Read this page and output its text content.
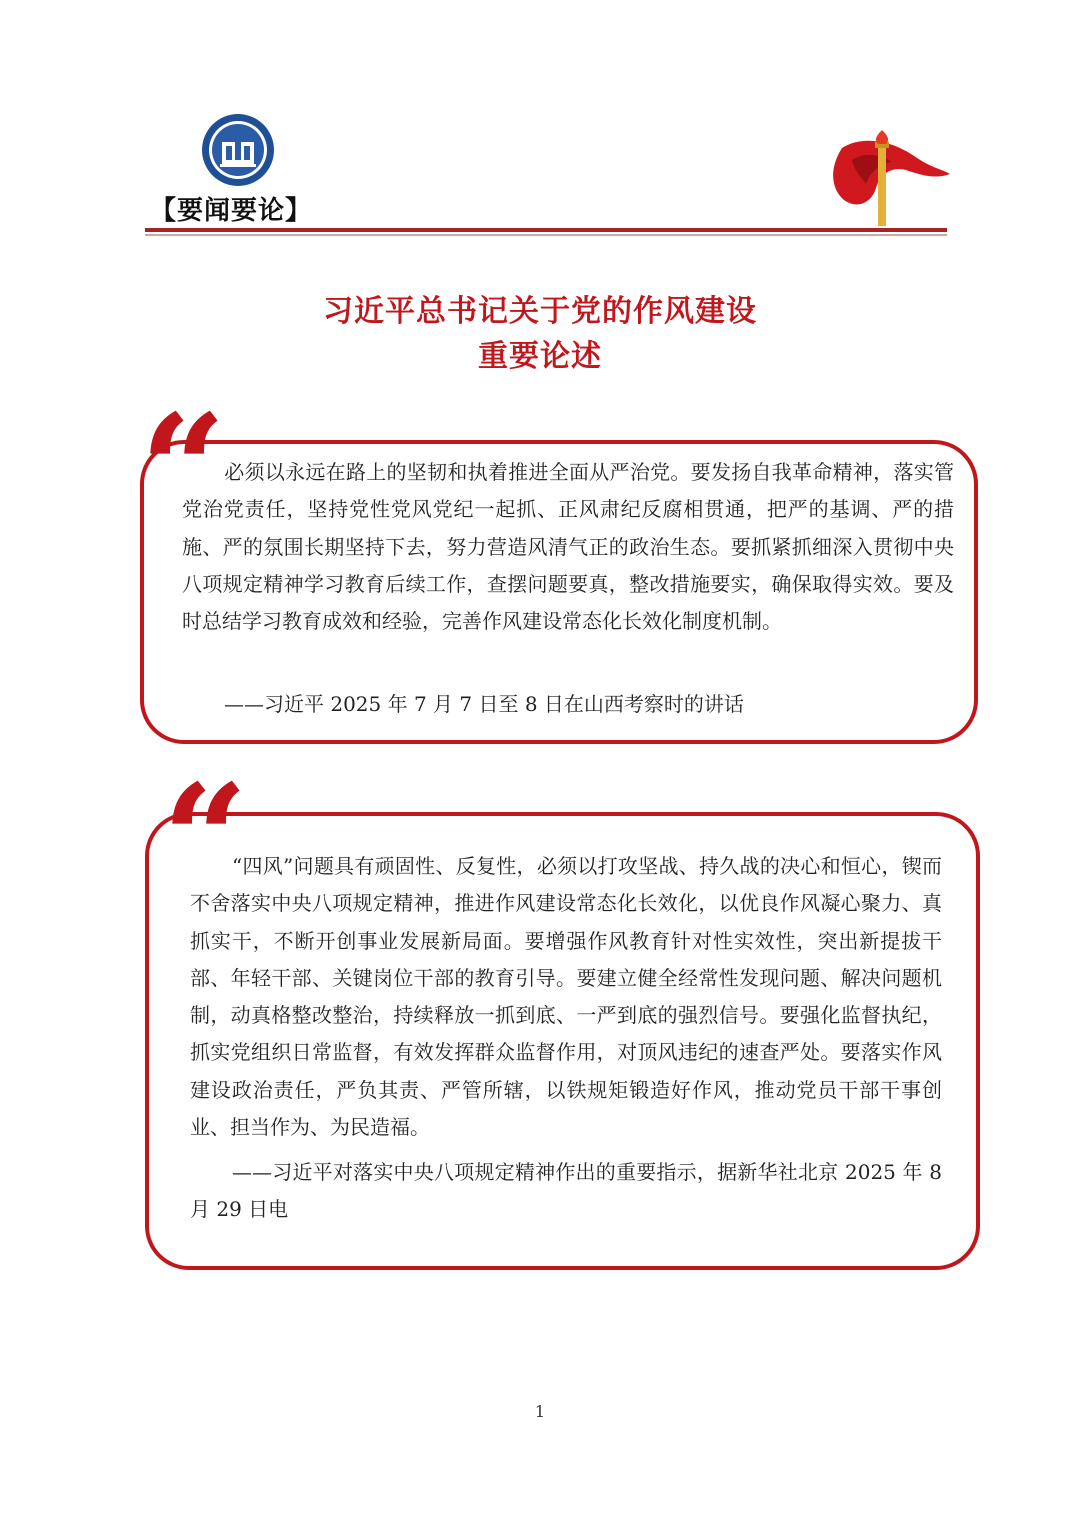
【要闻要论】
习近平总书记关于党的作风建设
重要论述
“
必须以永远在路上的坚韧和执着推进全面从严治党。要发扬自我革命精神，落实管党治党责任，坚持党性党风党纪一起抓、正风肃纪反腐相贯通，把严的基调、严的措施、严的氛围长期坚持下去，努力营造风清气正的政治生态。要抓紧抓细深入贯彻中央八项规定精神学习教育后续工作，查摆问题要真，整改措施要实，确保取得实效。要及时总结学习教育成效和经验，完善作风建设常态化长效化制度机制。
——习近平 2025 年 7 月 7 日至 8 日在山西考察时的讲话
“
“四风”问题具有顽固性、反复性，必须以打攻坚战、持久战的决心和恒心，锲而不舍落实中央八项规定精神，推进作风建设常态化长效化，以优良作风凝心聚力、真抓实干，不断开创事业发展新局面。要增强作风教育针对性实效性，突出新提拔干部、年轻干部、关键岗位干部的教育引导。要建立健全经常性发现问题、解决问题机制，动真格整改整治，持续释放一抓到底、一严到底的强烈信号。要强化监督执纪，抓实党组织日常监督，有效发挥群众监督作用，对顶风违纪的速查严处。要落实作风建设政治责任，严负其责、严管所辖，以铁规矩锻造好作风，推动党员干部干事创业、担当作为、为民造福。
——习近平对落实中央八项规定精神作出的重要指示，据新华社北京 2025 年 8 月 29 日电
1
